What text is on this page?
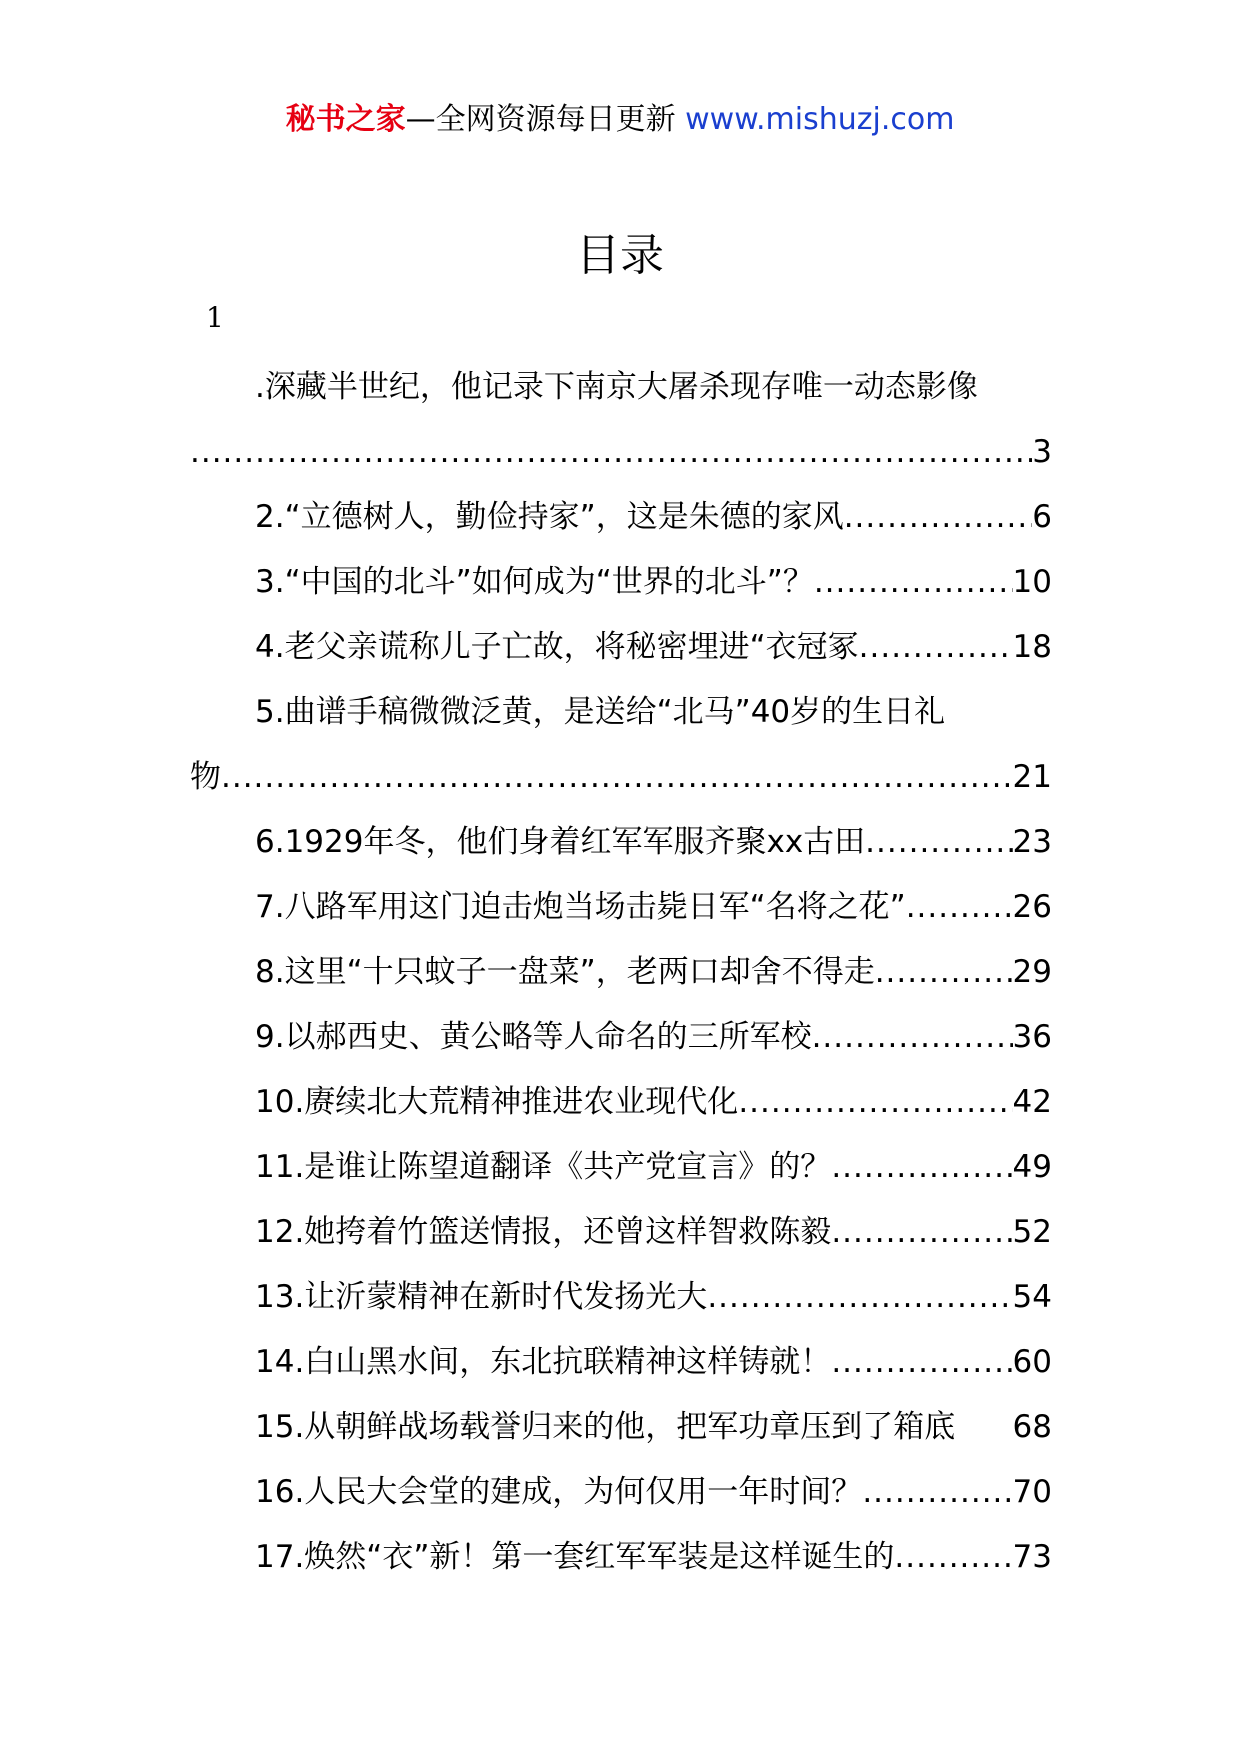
秘书之家—全网资源每日更新 www.mishuzj.com
目录
1
.深藏半世纪，他记录下南京大屠杀现存唯一动态影像
.....
3
2.“立德树人，勤俭持家”，这是朱德的家风 .....	6
3.“中国的北斗”如何成为“世界的北斗”？ .....	10
4.老父亲谎称儿子亡故，将秘密埋进“衣冠冢 .....	18
5.曲谱手稿微微泛黄，是送给“北马”40岁的生日礼
物 .....	21
6.1929年冬，他们身着红军军服齐聚xx古田 .....	23
7.八路军用这门迫击炮当场击毙日军“名将之花” .....	26
8.这里“十只蚊子一盘菜”，老两口却舍不得走 .....	29
9.以郝西史、黄公略等人命名的三所军校 .....	36
10.赓续北大荒精神推进农业现代化 .....	42
11.是谁让陈望道翻译《共产党宣言》的？ .....	49
12.她挎着竹篮送情报，还曾这样智救陈毅 .....	52
13.让沂蒙精神在新时代发扬光大 .....	54
14.白山黑水间，东北抗联精神这样铸就！ .....	60
15.从朝鲜战场载誉归来的他，把军功章压到了箱底 68
16.人民大会堂的建成，为何仅用一年时间？ .....	70
17.焕然“衣”新！第一套红军军装是这样诞生的 .....	73
